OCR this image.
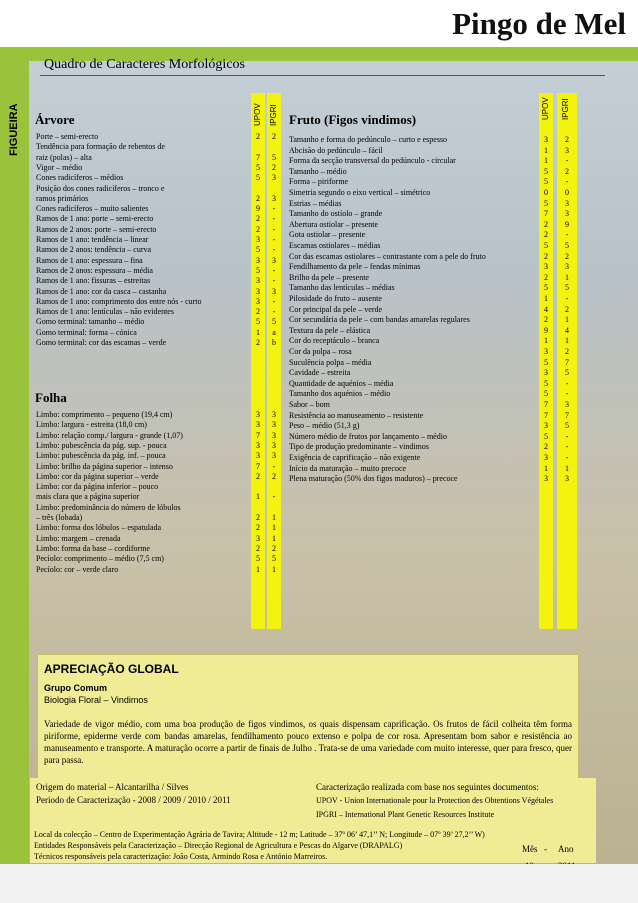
Pingo de Mel
FIGUEIRA
Quadro de Caracteres Morfológicos
UPOV IPGRI	UPOV IPGRI
Árvore	Fruto (Figos vindimos)
Folha
Porte – semi-erecto	2	2
Tendência para formação de rebentos de
raiz (polas) – alta	7	5
Vigor – médio	5	2
Cones radicíferos – médios	5	3
Posição dos cones radicíferos – tronco e
ramos primários	2	3
Cones radicíferos – muito salientes	9	-
Ramos de 1 ano: porte – semi-erecto	2	-
Ramos de 2 anos: porte – semi-erecto	2	-
Ramos de 1 ano: tendência – linear	3	-
Ramos de 2 anos: tendência – curva	5	-
Ramos de 1 ano: espessura – fina	3	3
Ramos de 2 anos: espessura – média	5	-
Ramos de 1 ano: fissuras – estreitas	3	-
Ramos de 1 ano: cor da casca – castanha	3	3
Ramos de 1 ano: comprimento dos entre nós - curto	3	-
Ramos de 1 ano: lentículas – não evidentes	2	-
Gomo terminal: tamanho – médio	5	5
Gomo terminal: forma – cónica	1	a
Gomo terminal: cor das escamas – verde	2	b
Limbo: comprimento – pequeno (19,4 cm)	3	3
Limbo: largura - estreita (18,0 cm)	3	3
Limbo: relação comp./ largura - grande (1,07)	7	3
Limbo: pubescência da pág. sup. - pouca	3	3
Limbo: pubescência da pág. inf. – pouca	3	3
Limbo: brilho da página superior – intenso	7	-
Limbo: cor da página superior – verde	2	2
Limbo: cor da página inferior – pouco
mais clara que a página superior	1	-
Limbo: predominância do número de lóbulos
– três (lobada)	2	1
Limbo: forma dos lóbulos – espatulada	2	1
Limbo: margem – crenada	3	1
Limbo: forma da base – cordiforme	2	2
Pecíolo: comprimento – médio (7,5 cm)	5	5
Pecíolo: cor – verde claro	1	1
Tamanho e forma do pedúnculo – curto e espesso	3	2
Abcisão do pedúnculo – fácil	1	3
Forma da secção transversal do pedúnculo - circular	1	-
Tamanho – médio	5	2
Forma – piriforme	5	-
Simetria segundo o eixo vertical – simétrico	0	0
Estrias – médias	5	3
Tamanho do ostíolo – grande	7	3
Abertura ostiolar – presente	2	9
Gota ostiolar – presente	2	-
Escamas ostiolares – médias	5	5
Cor das escamas ostiolares – contrastante com a pele do fruto	2	2
Fendilhamento da pele – fendas mínimas	3	3
Brilho da pele – presente	2	1
Tamanho das lentículas – médias	5	5
Pilosidade do fruto – ausente	1	-
Cor principal da pele – verde	4	2
Cor secundária da pele – com bandas amarelas regulares	2	1
Textura da pele – elástica	9	4
Cor do receptáculo – branca	1	1
Cor da polpa – rosa	3	2
Suculência polpa – média	5	7
Cavidade – estreita	3	5
Quantidade de aquénios – média	5	-
Tamanho dos aquénios – médio	5	-
Sabor – bom	7	3
Resistência ao manuseamento – resistente	7	7
Peso – médio (51,3 g)	3	5
Número médio de frutos por lançamento – médio	5	-
Tipo de produção predominante – vindimos	2	-
Exigência de caprificação – não exigente	3	-
Início da maturação – muito precoce	1	1
Plena maturação (50% dos figos maduros) – precoce	3	3
APRECIAÇÃO GLOBAL
Grupo Comum
Biologia Floral – Vindimos
Variedade de vigor médio, com uma boa produção de figos vindimos, os quais dispensam caprificação. Os frutos de fácil colheita têm forma piriforme, epiderme verde com bandas amarelas, fendilhamento pouco extenso e polpa de cor rosa. Apresentam bom sabor e resistência ao manuseamento e transporte. A maturação ocorre a partir de finais de Julho . Trata-se de uma variedade com muito interesse, quer para fresco, quer para passa.
Origem do material – Alcantarilha / Silves
Período de Caracterização - 2008 / 2009 / 2010 / 2011
Caracterização realizada com base nos seguintes documentos:
UPOV - Union Internationale pour la Protection des Obtentions Végétales
IPGRI – International Plant Genetic Resources Institute
Local da colecção – Centro de Experimentação Agrária de Tavira; Altitude - 12 m; Latitude – 37º 06’ 47,1’’ N; Longitude – 07º 39’ 27,2’’ W)
Entidades Responsáveis pela Caracterização – Direcção Regional de Agricultura e Pescas do Algarve (DRAPALG)
Técnicos responsáveis pela caracterização: João Costa, Armindo Rosa e António Marreiros.
Mês - Ano
